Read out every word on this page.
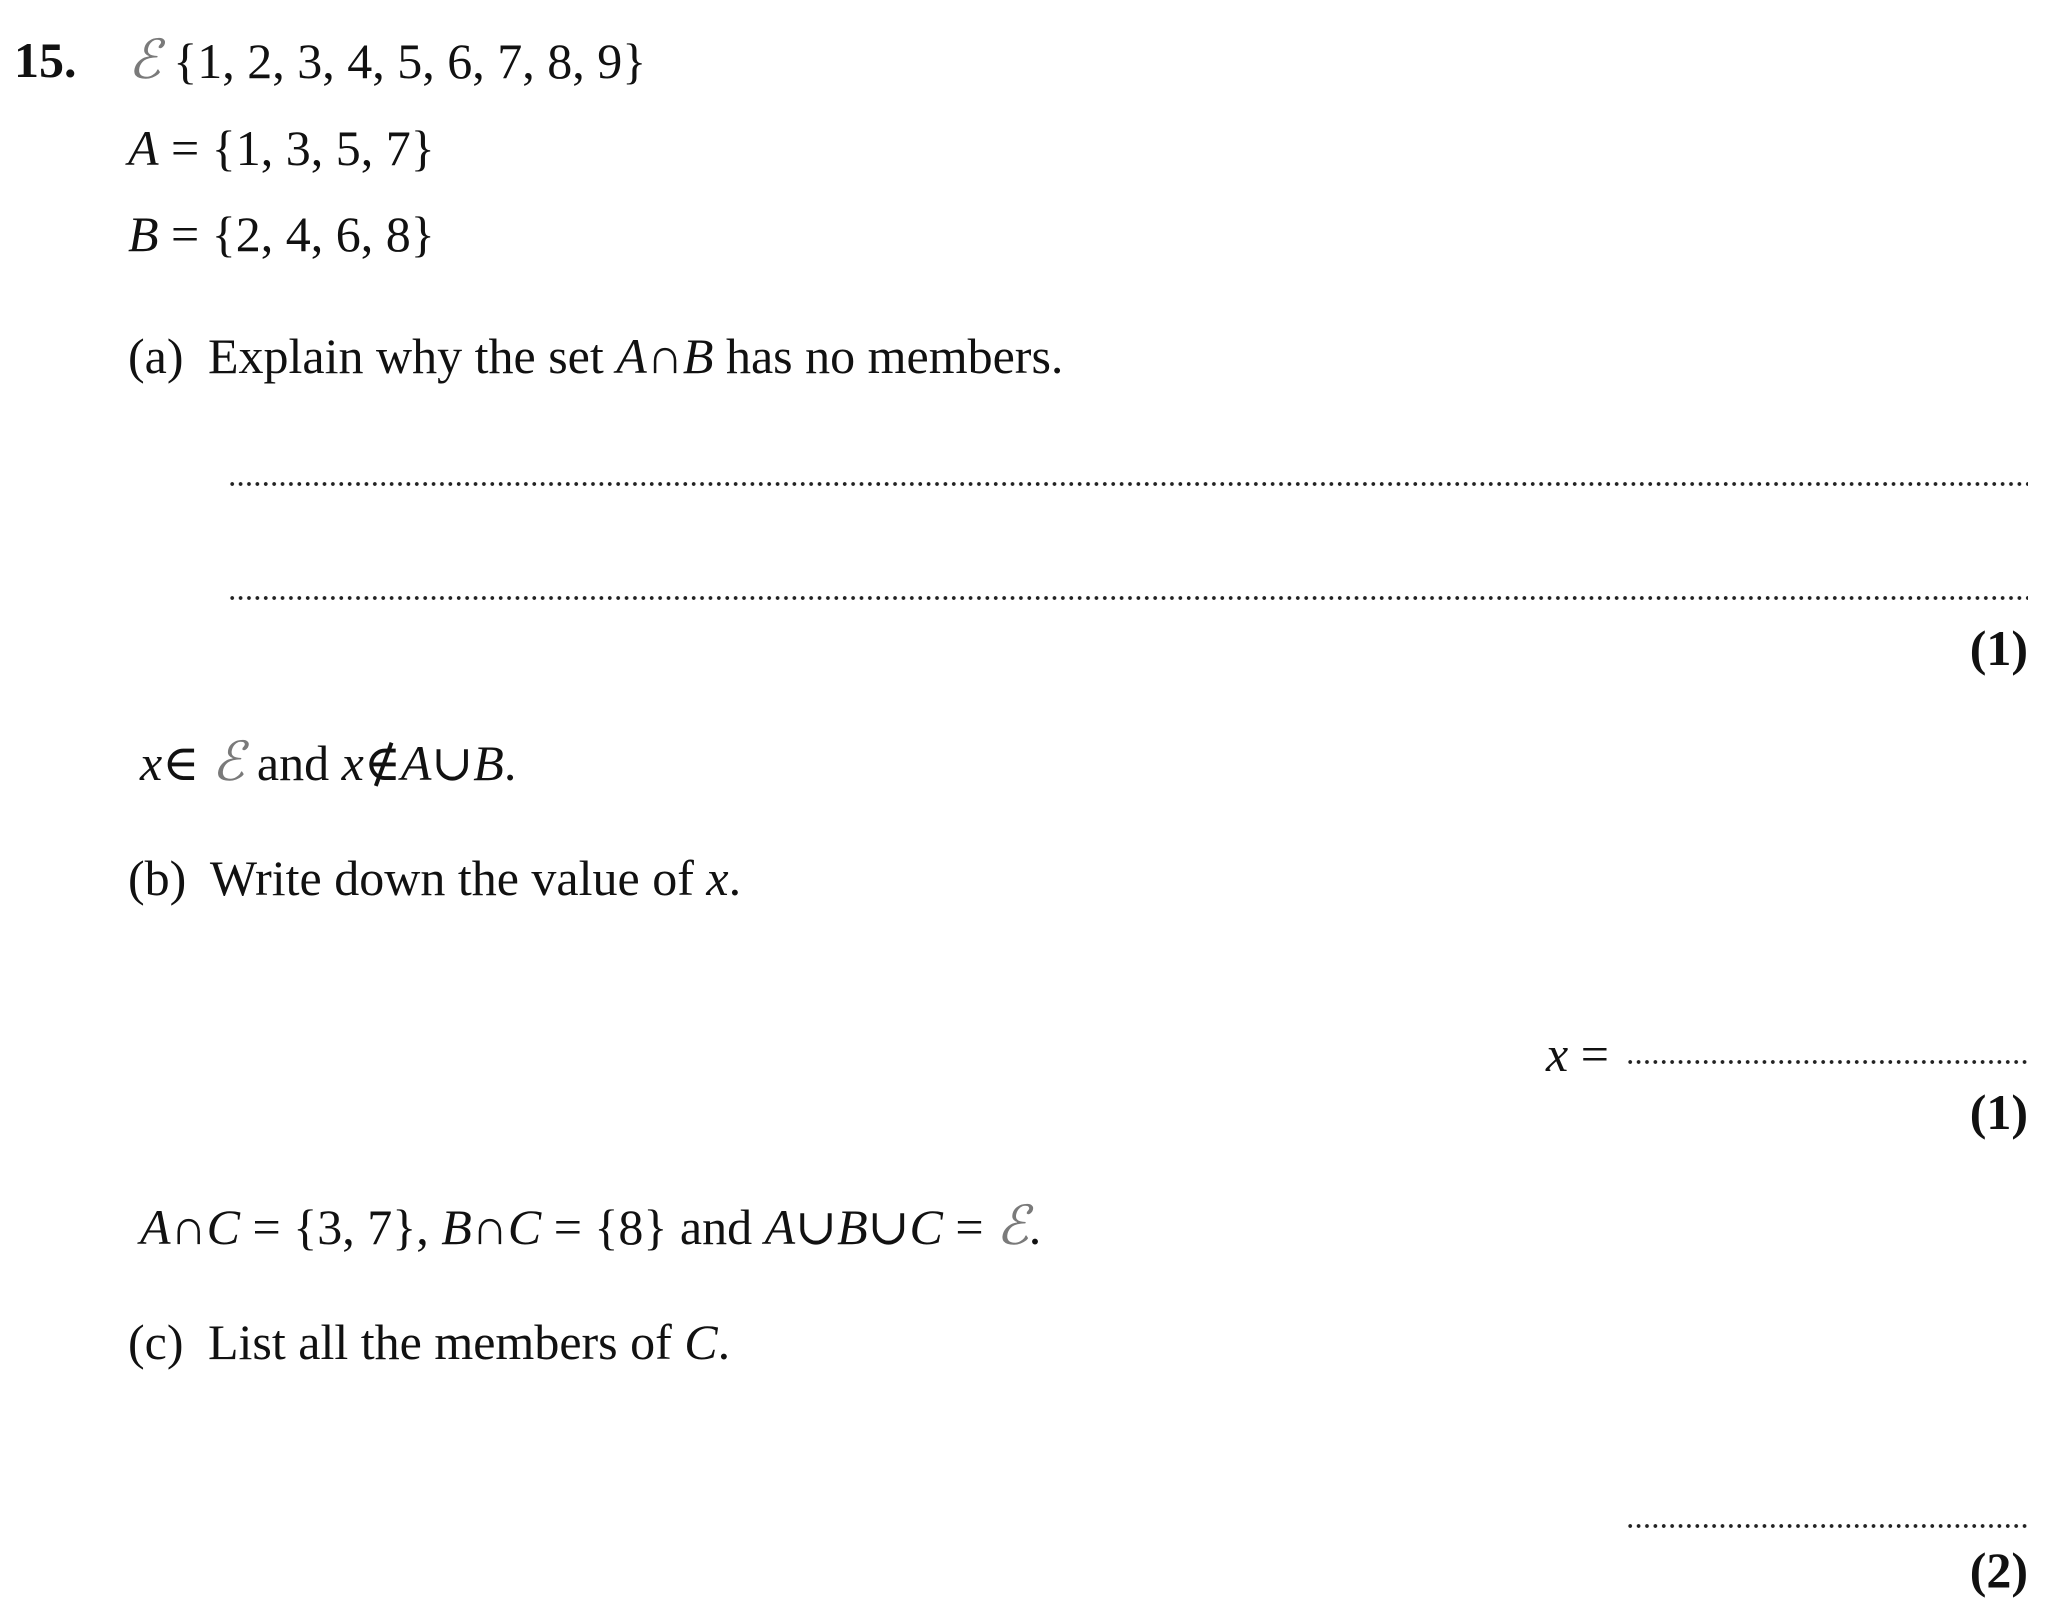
15. ℰ {1, 2, 3, 4, 5, 6, 7, 8, 9}
A = {1, 3, 5, 7}
B = {2, 4, 6, 8}
(a) Explain why the set A∩B has no members.
(1)
x∈ ℰ and x∉A∪B.
(b) Write down the value of x.
x =
(1)
A∩C = {3, 7}, B∩C = {8} and A∪B∪C = ℰ.
(c) List all the members of C.
(2)
